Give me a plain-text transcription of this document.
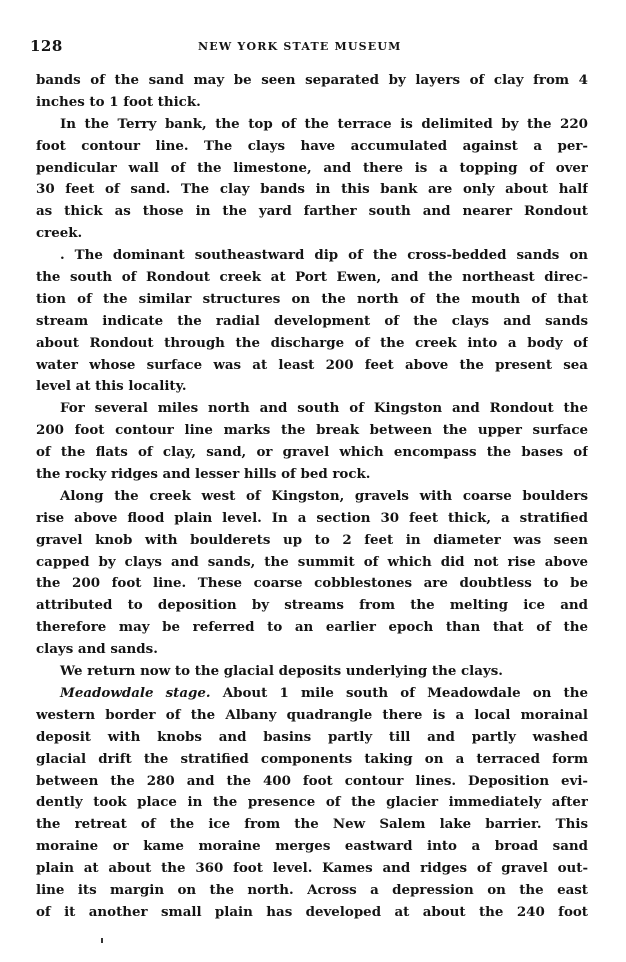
128	NEW YORK STATE MUSEUM
bands of the sand may be seen separated by layers of clay from 4
inches to 1 foot thick.
In the Terry bank, the top of the terrace is delimited by the 220
foot contour line. The clays have accumulated against a per-
pendicular wall of the limestone, and there is a topping of over
30 feet of sand. The clay bands in this bank are only about half
as thick as those in the yard farther south and nearer Rondout
creek.
. The dominant southeastward dip of the cross-bedded sands on
the south of Rondout creek at Port Ewen, and the northeast direc-
tion of the similar structures on the north of the mouth of that
stream indicate the radial development of the clays and sands
about Rondout through the discharge of the creek into a body of
water whose surface was at least 200 feet above the present sea
level at this locality.
For several miles north and south of Kingston and Rondout the
200 foot contour line marks the break between the upper surface
of the flats of clay, sand, or gravel which encompass the bases of
the rocky ridges and lesser hills of bed rock.
Along the creek west of Kingston, gravels with coarse boulders
rise above flood plain level. In a section 30 feet thick, a stratified
gravel knob with boulderets up to 2 feet in diameter was seen
capped by clays and sands, the summit of which did not rise above
the 200 foot line. These coarse cobblestones are doubtless to be
attributed to deposition by streams from the melting ice and
therefore may be referred to an earlier epoch than that of the
clays and sands.
We return now to the glacial deposits underlying the clays.
Meadowdale stage. About 1 mile south of Meadowdale on the
western border of the Albany quadrangle there is a local morainal
deposit with knobs and basins partly till and partly washed
glacial drift the stratified components taking on a terraced form
between the 280 and the 400 foot contour lines. Deposition evi-
dently took place in the presence of the glacier immediately after
the retreat of the ice from the New Salem lake barrier. This
moraine or kame moraine merges eastward into a broad sand
plain at about the 360 foot level. Kames and ridges of gravel out-
line its margin on the north. Across a depression on the east
of it another small plain has developed at about the 240 foot
